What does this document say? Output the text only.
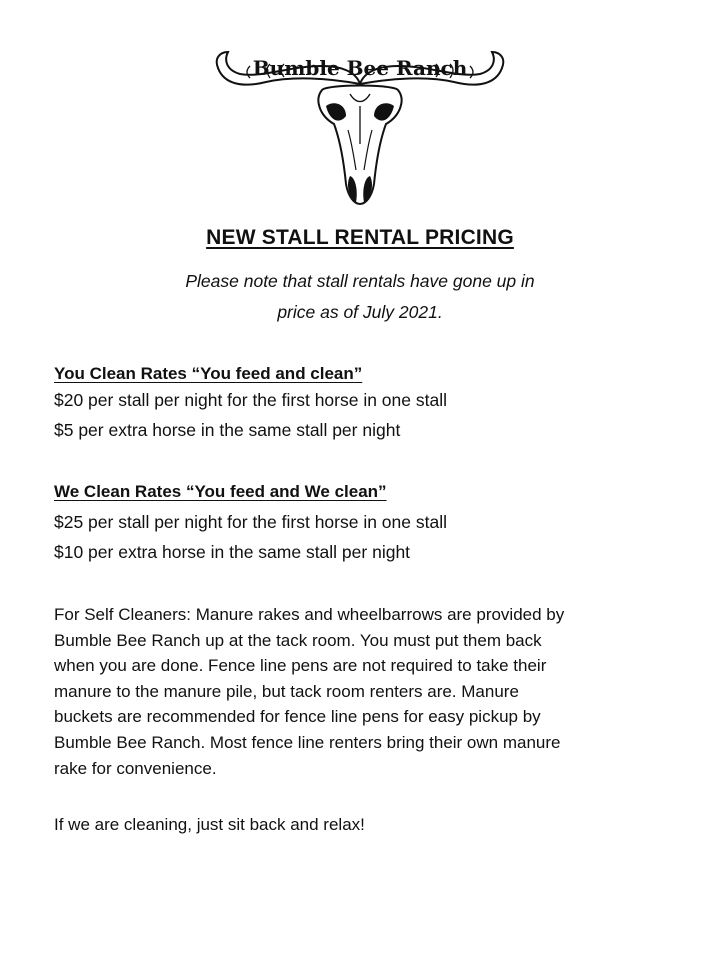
Bumble Bee Ranch
NEW STALL RENTAL PRICING
Please note that stall rentals have gone up in
price as of July 2021.
You Clean Rates “You feed and clean”
$20 per stall per night for the first horse in one stall
$5 per extra horse in the same stall per night
We Clean Rates “You feed and We clean”
$25 per stall per night for the first horse in one stall
$10 per extra horse in the same stall per night
For Self Cleaners: Manure rakes and wheelbarrows are provided by
Bumble Bee Ranch up at the tack room. You must put them back
when you are done. Fence line pens are not required to take their
manure to the manure pile, but tack room renters are. Manure
buckets are recommended for fence line pens for easy pickup by
Bumble Bee Ranch. Most fence line renters bring their own manure
rake for convenience.
If we are cleaning, just sit back and relax!
